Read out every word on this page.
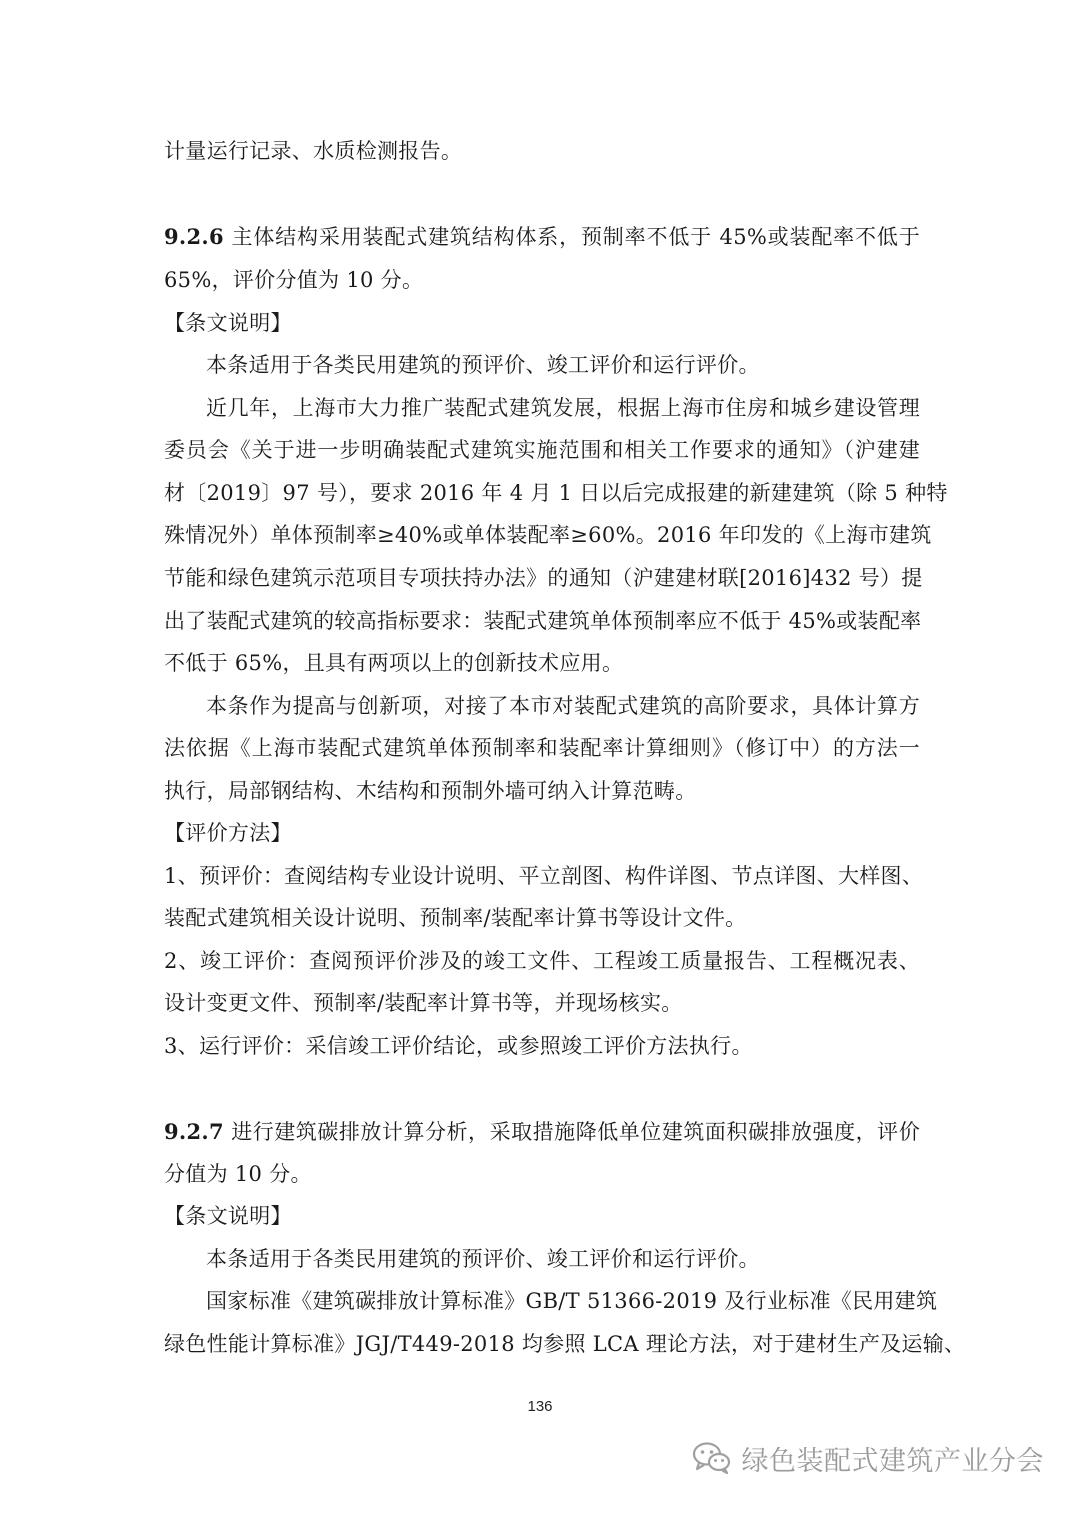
计量运行记录、水质检测报告。
9.2.6 主体结构采用装配式建筑结构体系，预制率不低于 45%或装配率不低于
65%，评价分值为 10 分。
【条文说明】
本条适用于各类民用建筑的预评价、竣工评价和运行评价。
近几年，上海市大力推广装配式建筑发展，根据上海市住房和城乡建设管理
委员会《关于进一步明确装配式建筑实施范围和相关工作要求的通知》（沪建建
材〔2019〕97 号），要求 2016 年 4 月 1 日以后完成报建的新建建筑（除 5 种特
殊情况外）单体预制率≥40%或单体装配率≥60%。2016 年印发的《上海市建筑
节能和绿色建筑示范项目专项扶持办法》的通知（沪建建材联[2016]432 号）提
出了装配式建筑的较高指标要求：装配式建筑单体预制率应不低于 45%或装配率
不低于 65%，且具有两项以上的创新技术应用。
本条作为提高与创新项，对接了本市对装配式建筑的高阶要求，具体计算方
法依据《上海市装配式建筑单体预制率和装配率计算细则》（修订中）的方法一
执行，局部钢结构、木结构和预制外墙可纳入计算范畴。
【评价方法】
1、预评价：查阅结构专业设计说明、平立剖图、构件详图、节点详图、大样图、
装配式建筑相关设计说明、预制率/装配率计算书等设计文件。
2、竣工评价：查阅预评价涉及的竣工文件、工程竣工质量报告、工程概况表、
设计变更文件、预制率/装配率计算书等，并现场核实。
3、运行评价：采信竣工评价结论，或参照竣工评价方法执行。
9.2.7 进行建筑碳排放计算分析，采取措施降低单位建筑面积碳排放强度，评价
分值为 10 分。
【条文说明】
本条适用于各类民用建筑的预评价、竣工评价和运行评价。
国家标准《建筑碳排放计算标准》GB/T 51366-2019 及行业标准《民用建筑
绿色性能计算标准》JGJ/T449-2018 均参照 LCA 理论方法，对于建材生产及运输、
136
绿色装配式建筑产业分会
